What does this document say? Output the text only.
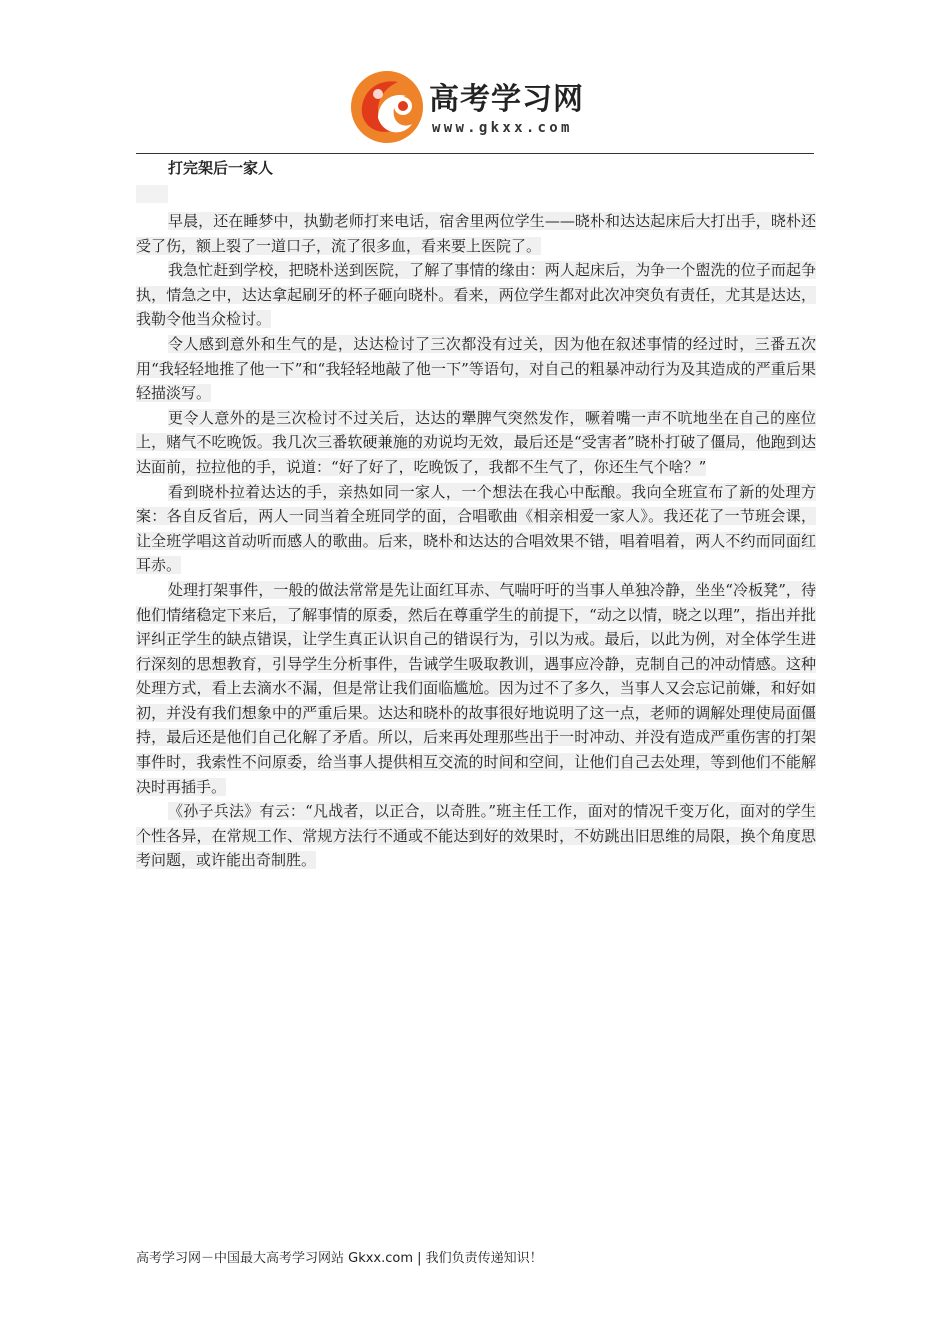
高考学习网
www.gkxx.com
打完架后一家人

早晨，还在睡梦中，执勤老师打来电话，宿舍里两位学生——晓朴和达达起床后大打出手，晓朴还受了伤，额上裂了一道口子，流了很多血，看来要上医院了。

我急忙赶到学校，把晓朴送到医院，了解了事情的缘由：两人起床后，为争一个盥洗的位子而起争执，情急之中，达达拿起刷牙的杯子砸向晓朴。看来，两位学生都对此次冲突负有责任，尤其是达达，我勒令他当众检讨。

令人感到意外和生气的是，达达检讨了三次都没有过关，因为他在叙述事情的经过时，三番五次用“我轻轻地推了他一下”和“我轻轻地敲了他一下”等语句，对自己的粗暴冲动行为及其造成的严重后果轻描淡写。

更令人意外的是三次检讨不过关后，达达的犟脾气突然发作，噘着嘴一声不吭地坐在自己的座位上，赌气不吃晚饭。我几次三番软硬兼施的劝说均无效，最后还是“受害者”晓朴打破了僵局，他跑到达达面前，拉拉他的手，说道：“好了好了，吃晚饭了，我都不生气了，你还生气个啥？”

看到晓朴拉着达达的手，亲热如同一家人，一个想法在我心中酝酿。我向全班宣布了新的处理方案：各自反省后，两人一同当着全班同学的面，合唱歌曲《相亲相爱一家人》。我还花了一节班会课，让全班学唱这首动听而感人的歌曲。后来，晓朴和达达的合唱效果不错，唱着唱着，两人不约而同面红耳赤。

处理打架事件，一般的做法常常是先让面红耳赤、气喘吁吁的当事人单独冷静，坐坐“冷板凳”，待他们情绪稳定下来后，了解事情的原委，然后在尊重学生的前提下，“动之以情，晓之以理”，指出并批评纠正学生的缺点错误，让学生真正认识自己的错误行为，引以为戒。最后，以此为例，对全体学生进行深刻的思想教育，引导学生分析事件，告诫学生吸取教训，遇事应冷静，克制自己的冲动情感。这种处理方式，看上去滴水不漏，但是常让我们面临尴尬。因为过不了多久，当事人又会忘记前嫌，和好如初，并没有我们想象中的严重后果。达达和晓朴的故事很好地说明了这一点，老师的调解处理使局面僵持，最后还是他们自己化解了矛盾。所以，后来再处理那些出于一时冲动、并没有造成严重伤害的打架事件时，我索性不问原委，给当事人提供相互交流的时间和空间，让他们自己去处理，等到他们不能解决时再插手。

《孙子兵法》有云：“凡战者，以正合，以奇胜。”班主任工作，面对的情况千变万化，面对的学生个性各异，在常规工作、常规方法行不通或不能达到好的效果时，不妨跳出旧思维的局限，换个角度思考问题，或许能出奇制胜。

高考学习网－中国最大高考学习网站 Gkxx.com | 我们负责传递知识！
